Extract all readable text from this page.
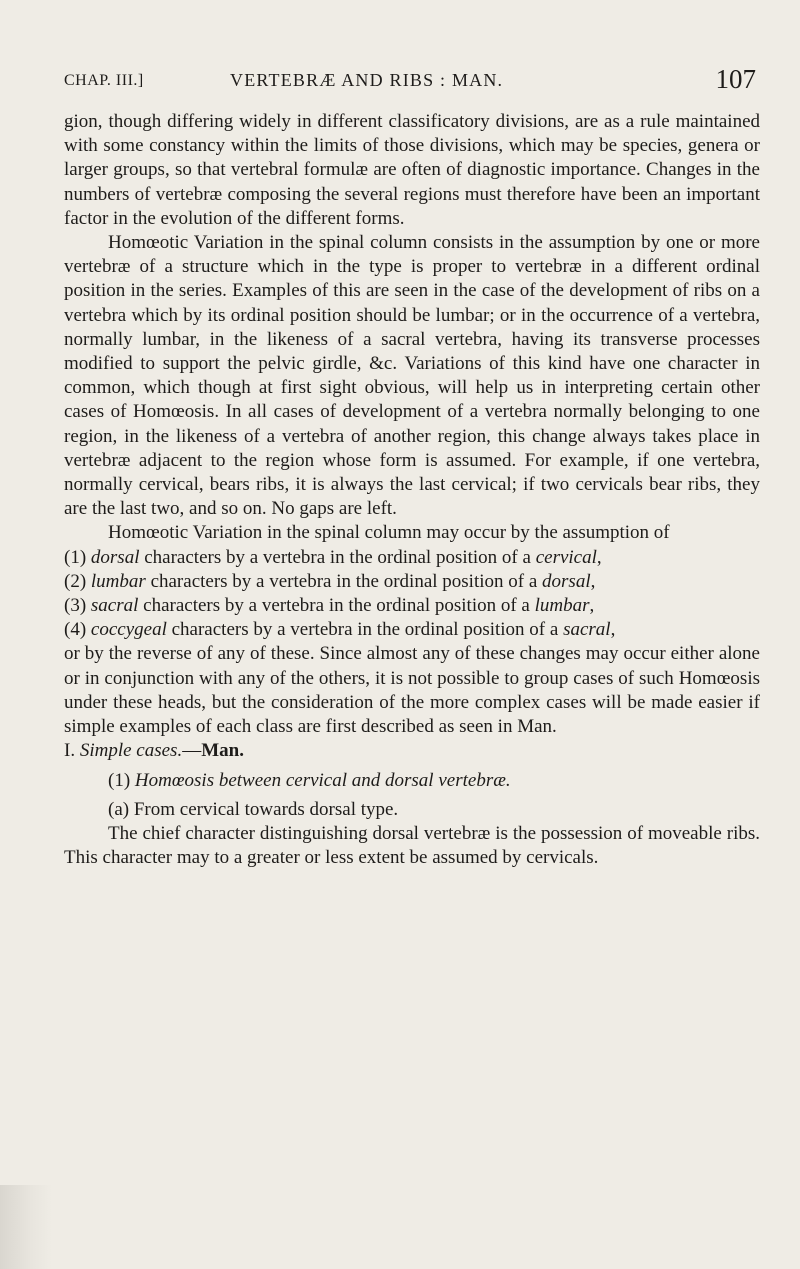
CHAP. III.]	VERTEBRÆ AND RIBS : MAN.	107

gion, though differing widely in different classificatory divisions, are as a rule maintained with some constancy within the limits of those divisions, which may be species, genera or larger groups, so that vertebral formulæ are often of diagnostic importance. Changes in the numbers of vertebræ composing the several regions must therefore have been an important factor in the evolution of the different forms.

Homœotic Variation in the spinal column consists in the assumption by one or more vertebræ of a structure which in the type is proper to vertebræ in a different ordinal position in the series. Examples of this are seen in the case of the development of ribs on a vertebra which by its ordinal position should be lumbar; or in the occurrence of a vertebra, normally lumbar, in the likeness of a sacral vertebra, having its transverse processes modified to support the pelvic girdle, &c. Variations of this kind have one character in common, which though at first sight obvious, will help us in interpreting certain other cases of Homœosis. In all cases of development of a vertebra normally belonging to one region, in the likeness of a vertebra of another region, this change always takes place in vertebræ adjacent to the region whose form is assumed. For example, if one vertebra, normally cervical, bears ribs, it is always the last cervical; if two cervicals bear ribs, they are the last two, and so on. No gaps are left.

Homœotic Variation in the spinal column may occur by the assumption of

(1) dorsal characters by a vertebra in the ordinal position of a cervical,

(2) lumbar characters by a vertebra in the ordinal position of a dorsal,

(3) sacral characters by a vertebra in the ordinal position of a lumbar,

(4) coccygeal characters by a vertebra in the ordinal position of a sacral,

or by the reverse of any of these. Since almost any of these changes may occur either alone or in conjunction with any of the others, it is not possible to group cases of such Homœosis under these heads, but the consideration of the more complex cases will be made easier if simple examples of each class are first described as seen in Man.

I. Simple cases.—Man.

(1) Homœosis between cervical and dorsal vertebræ.

(a) From cervical towards dorsal type.

The chief character distinguishing dorsal vertebræ is the possession of moveable ribs. This character may to a greater or less extent be assumed by cervicals.
